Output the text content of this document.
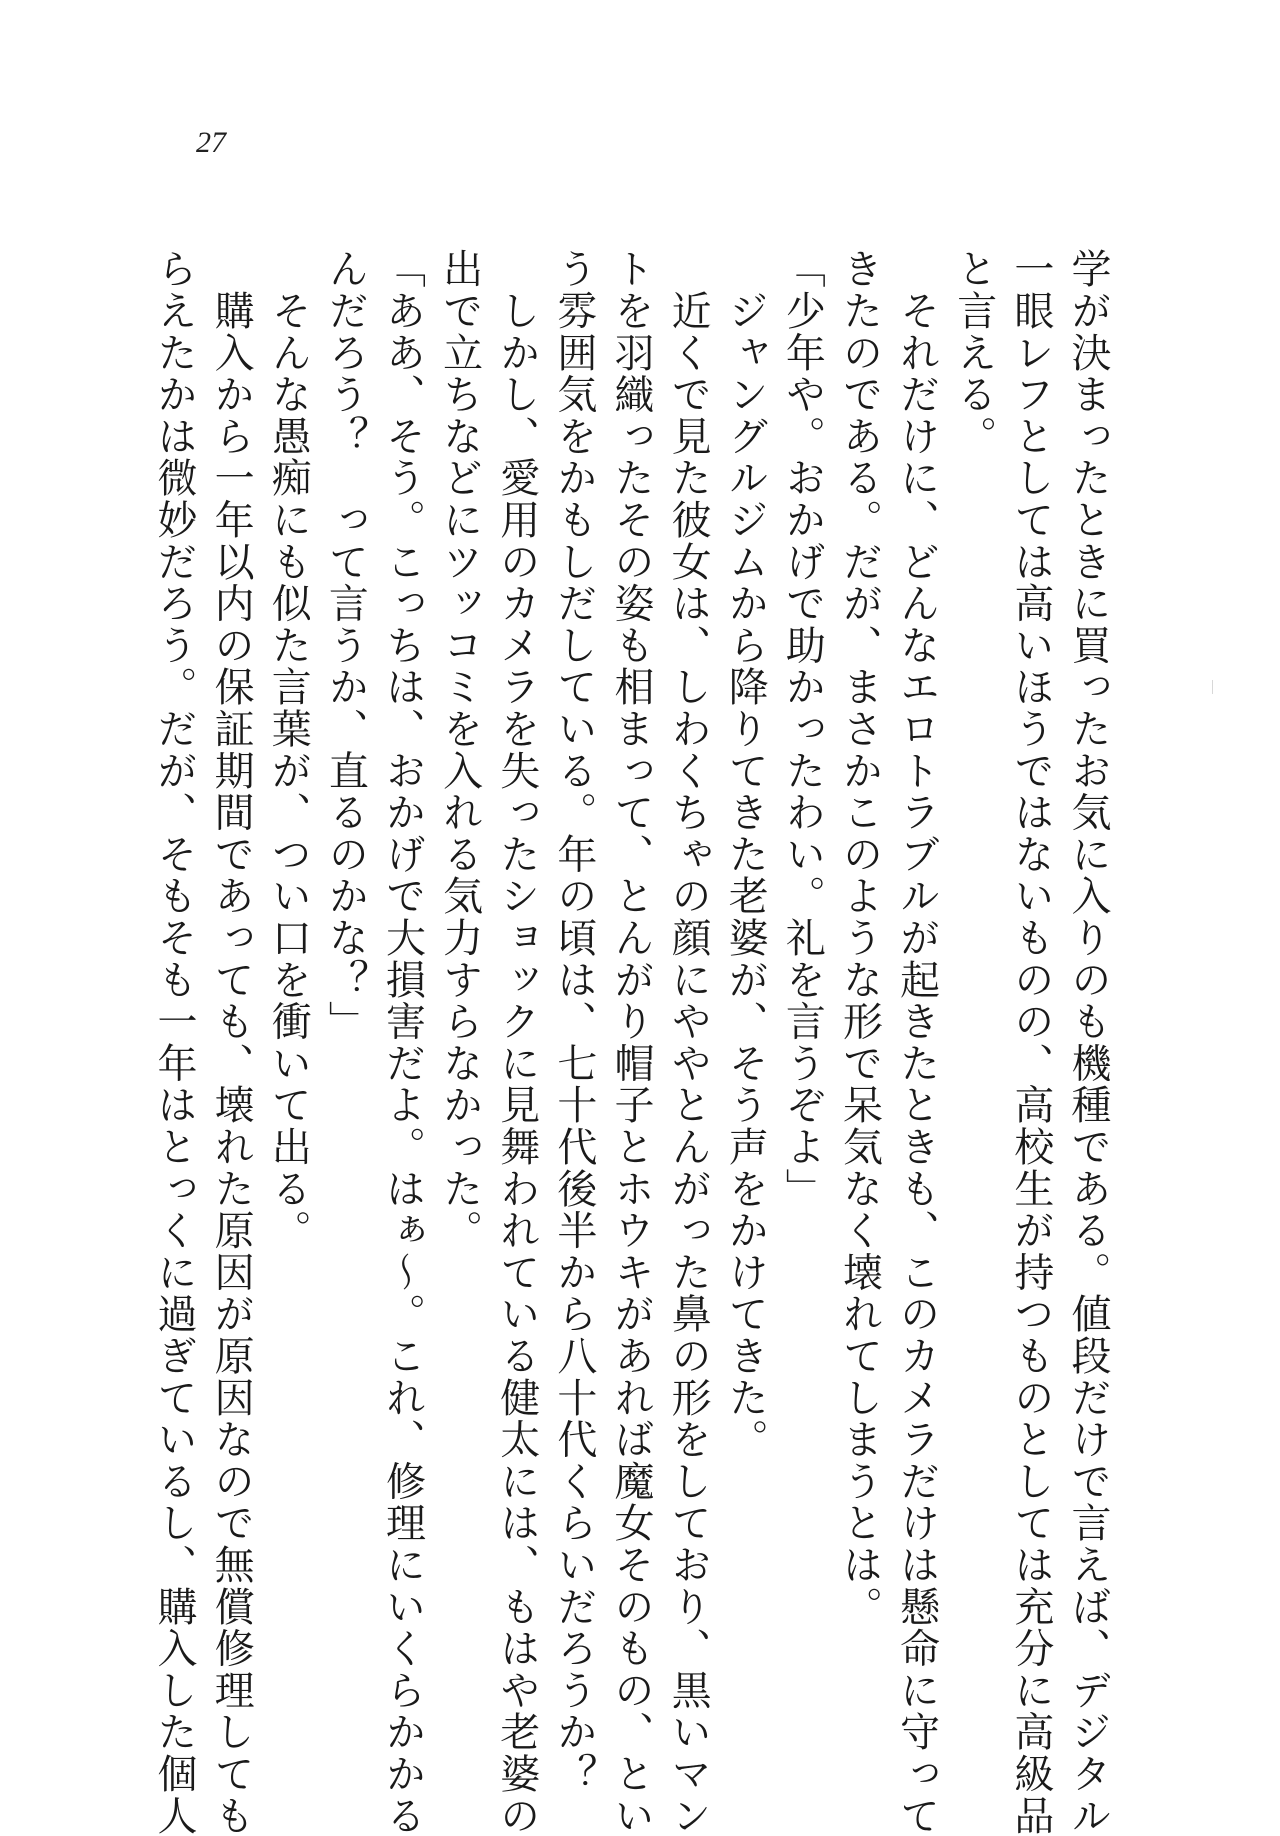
27
学が決まったときに買ったお気に入りのも機種である。値段だけで言えば、デジタル
一眼レフとしては高いほうではないものの、高校生が持つものとしては充分に高級品
と言える。
　それだけに、どんなエロトラブルが起きたときも、このカメラだけは懸命に守って
きたのである。だが、まさかこのような形で呆気なく壊れてしまうとは。
「少年や。おかげで助かったわい。礼を言うぞよ」
　ジャングルジムから降りてきた老婆が、そう声をかけてきた。
　近くで見た彼女は、しわくちゃの顔にややとんがった鼻の形をしており、黒いマン
トを羽織ったその姿も相まって、とんがり帽子とホウキがあれば魔女そのもの、とい
う雰囲気をかもしだしている。年の頃は、七十代後半から八十代くらいだろうか？
　しかし、愛用のカメラを失ったショックに見舞われている健太には、もはや老婆の
出で立ちなどにツッコミを入れる気力すらなかった。
「ああ、そう。こっちは、おかげで大損害だよ。はぁ〜。これ、修理にいくらかかる
んだろう？　って言うか、直るのかな？」
　そんな愚痴にも似た言葉が、つい口を衝いて出る。
　購入から一年以内の保証期間であっても、壊れた原因が原因なので無償修理しても
らえたかは微妙だろう。だが、そもそも一年はとっくに過ぎているし、購入した個人
